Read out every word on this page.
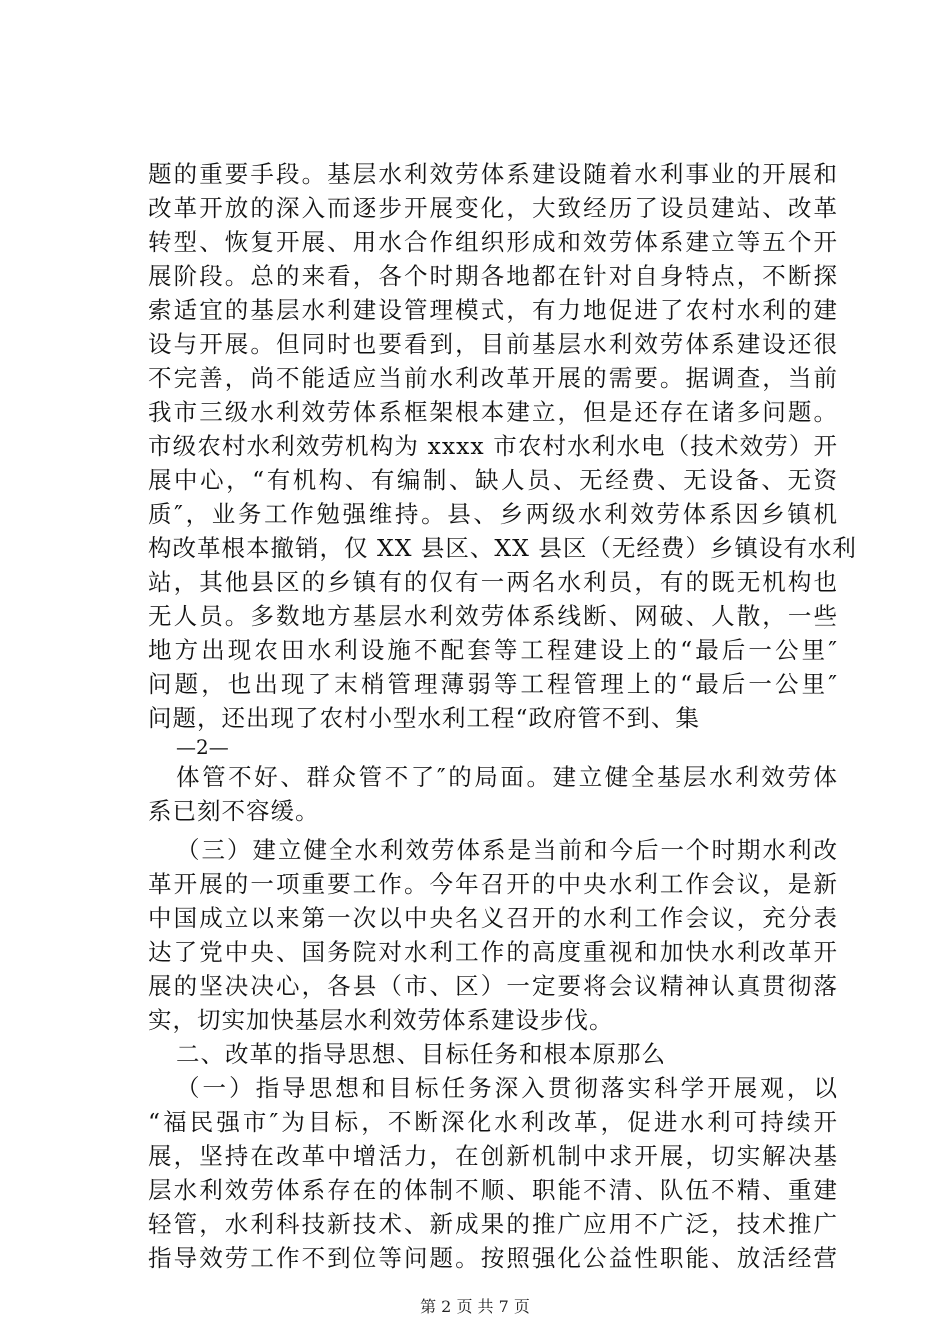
题的重要手段。基层水利效劳体系建设随着水利事业的开展和
改革开放的深入而逐步开展变化，大致经历了设员建站、改革
转型、恢复开展、用水合作组织形成和效劳体系建立等五个开
展阶段。总的来看，各个时期各地都在针对自身特点，不断探
索适宜的基层水利建设管理模式，有力地促进了农村水利的建
设与开展。但同时也要看到，目前基层水利效劳体系建设还很
不完善，尚不能适应当前水利改革开展的需要。据调查，当前
我市三级水利效劳体系框架根本建立，但是还存在诸多问题。
市级农村水利效劳机构为 xxxx 市农村水利水电（技术效劳）开
展中心，“有机构、有编制、缺人员、无经费、无设备、无资
质″，业务工作勉强维持。县、乡两级水利效劳体系因乡镇机
构改革根本撤销，仅 XX 县区、XX 县区（无经费）乡镇设有水利
站，其他县区的乡镇有的仅有一两名水利员，有的既无机构也
无人员。多数地方基层水利效劳体系线断、网破、人散，一些
地方出现农田水利设施不配套等工程建设上的“最后一公里″
问题，也出现了末梢管理薄弱等工程管理上的“最后一公里″
问题，还出现了农村小型水利工程“政府管不到、集
—2—
体管不好、群众管不了″的局面。建立健全基层水利效劳体
系已刻不容缓。
（三）建立健全水利效劳体系是当前和今后一个时期水利改
革开展的一项重要工作。今年召开的中央水利工作会议，是新
中国成立以来第一次以中央名义召开的水利工作会议，充分表
达了党中央、国务院对水利工作的高度重视和加快水利改革开
展的坚决决心，各县（市、区）一定要将会议精神认真贯彻落
实，切实加快基层水利效劳体系建设步伐。
二、改革的指导思想、目标任务和根本原那么
（一）指导思想和目标任务深入贯彻落实科学开展观，以
“福民强市″为目标，不断深化水利改革，促进水利可持续开
展，坚持在改革中增活力，在创新机制中求开展，切实解决基
层水利效劳体系存在的体制不顺、职能不清、队伍不精、重建
轻管，水利科技新技术、新成果的推广应用不广泛，技术推广
第 2 页 共 7 页
指导效劳工作不到位等问题。按照强化公益性职能、放活经营
